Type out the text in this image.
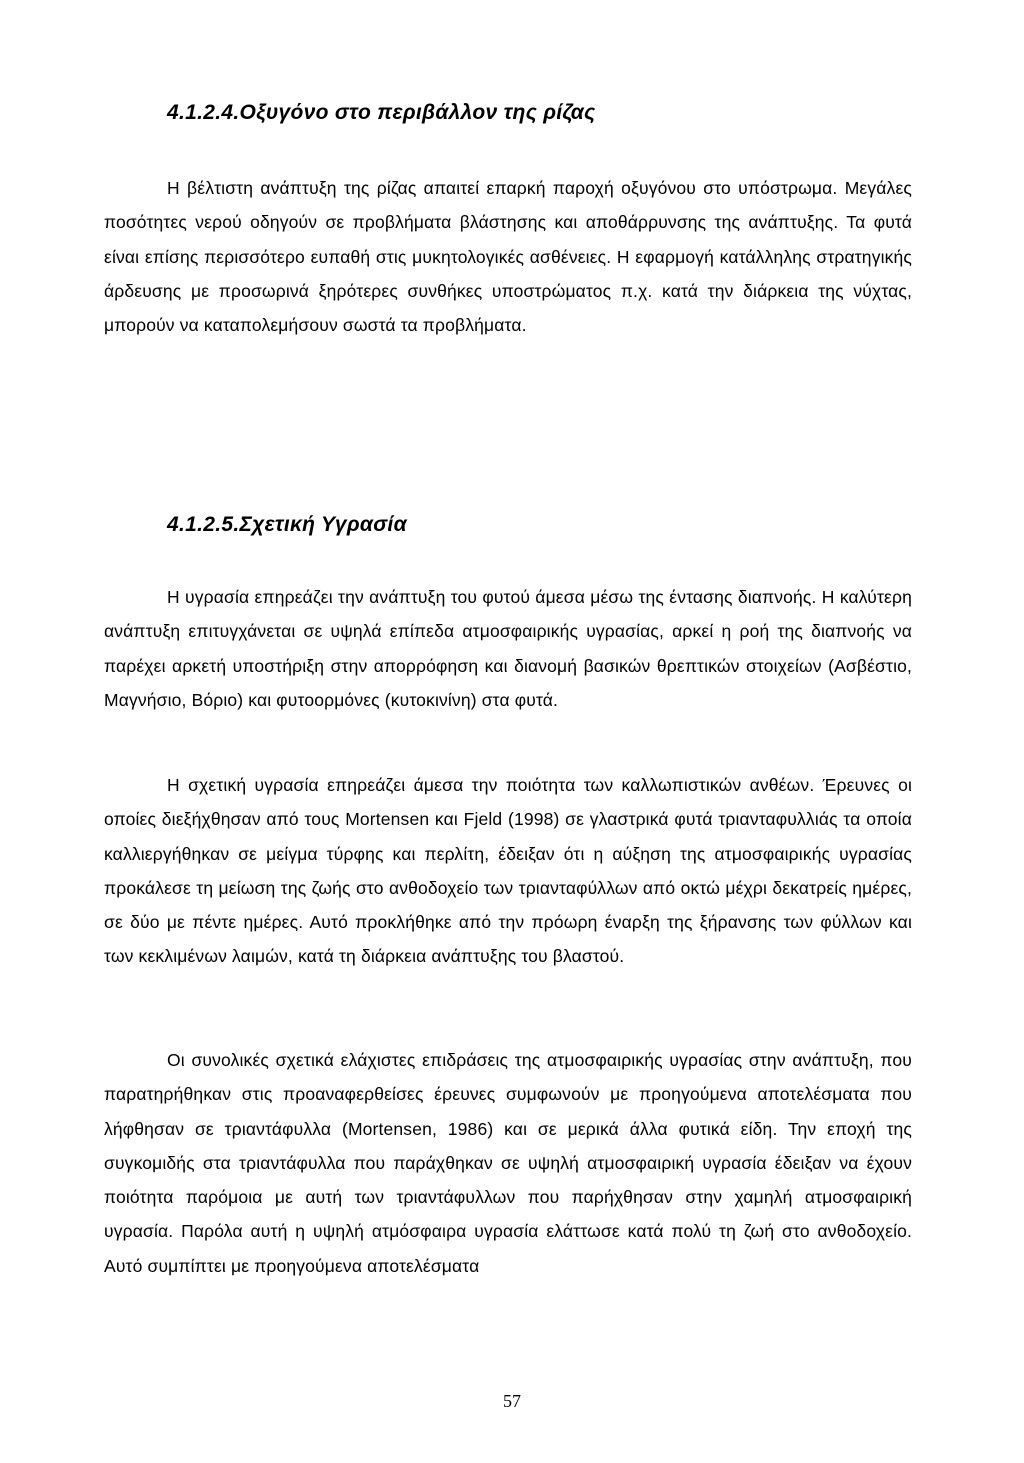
4.1.2.4.Οξυγόνο στο περιβάλλον της ρίζας

Η βέλτιστη ανάπτυξη της ρίζας απαιτεί επαρκή παροχή οξυγόνου στο υπόστρωμα. Μεγάλες ποσότητες νερού οδηγούν σε προβλήματα βλάστησης και αποθάρρυνσης της ανάπτυξης. Τα φυτά είναι επίσης περισσότερο ευπαθή στις μυκητολογικές ασθένειες. Η εφαρμογή κατάλληλης στρατηγικής άρδευσης με προσωρινά ξηρότερες συνθήκες υποστρώματος π.χ. κατά την διάρκεια της νύχτας, μπορούν να καταπολεμήσουν σωστά τα προβλήματα.

4.1.2.5.Σχετική Υγρασία

Η υγρασία επηρεάζει την ανάπτυξη του φυτού άμεσα μέσω της έντασης διαπνοής. Η καλύτερη ανάπτυξη επιτυγχάνεται σε υψηλά επίπεδα ατμοσφαιρικής υγρασίας, αρκεί η ροή της διαπνοής να παρέχει αρκετή υποστήριξη στην απορρόφηση και διανομή βασικών θρεπτικών στοιχείων (Ασβέστιο, Μαγνήσιο, Βόριο) και φυτοορμόνες (κυτοκινίνη) στα φυτά.

Η σχετική υγρασία επηρεάζει άμεσα την ποιότητα των καλλωπιστικών ανθέων. Έρευνες οι οποίες διεξήχθησαν από τους Mortensen και Fjeld (1998) σε γλαστρικά φυτά τριανταφυλλιάς τα οποία καλλιεργήθηκαν σε μείγμα τύρφης και περλίτη, έδειξαν ότι η αύξηση της ατμοσφαιρικής υγρασίας προκάλεσε τη μείωση της ζωής στο ανθοδοχείο των τριανταφύλλων από οκτώ μέχρι δεκατρείς ημέρες, σε δύο με πέντε ημέρες. Αυτό προκλήθηκε από την πρόωρη έναρξη της ξήρανσης των φύλλων και των κεκλιμένων λαιμών, κατά τη διάρκεια ανάπτυξης του βλαστού.

Οι συνολικές σχετικά ελάχιστες επιδράσεις της ατμοσφαιρικής υγρασίας στην ανάπτυξη, που παρατηρήθηκαν στις προαναφερθείσες έρευνες συμφωνούν με προηγούμενα αποτελέσματα που λήφθησαν σε τριαντάφυλλα (Mortensen, 1986) και σε μερικά άλλα φυτικά είδη. Την εποχή της συγκομιδής στα τριαντάφυλλα που παράχθηκαν σε υψηλή ατμοσφαιρική υγρασία έδειξαν να έχουν ποιότητα παρόμοια με αυτή των τριαντάφυλλων που παρήχθησαν στην χαμηλή ατμοσφαιρική υγρασία. Παρόλα αυτή η υψηλή ατμόσφαιρα υγρασία ελάττωσε κατά πολύ τη ζωή στο ανθοδοχείο. Αυτό συμπίπτει με προηγούμενα αποτελέσματα

57
